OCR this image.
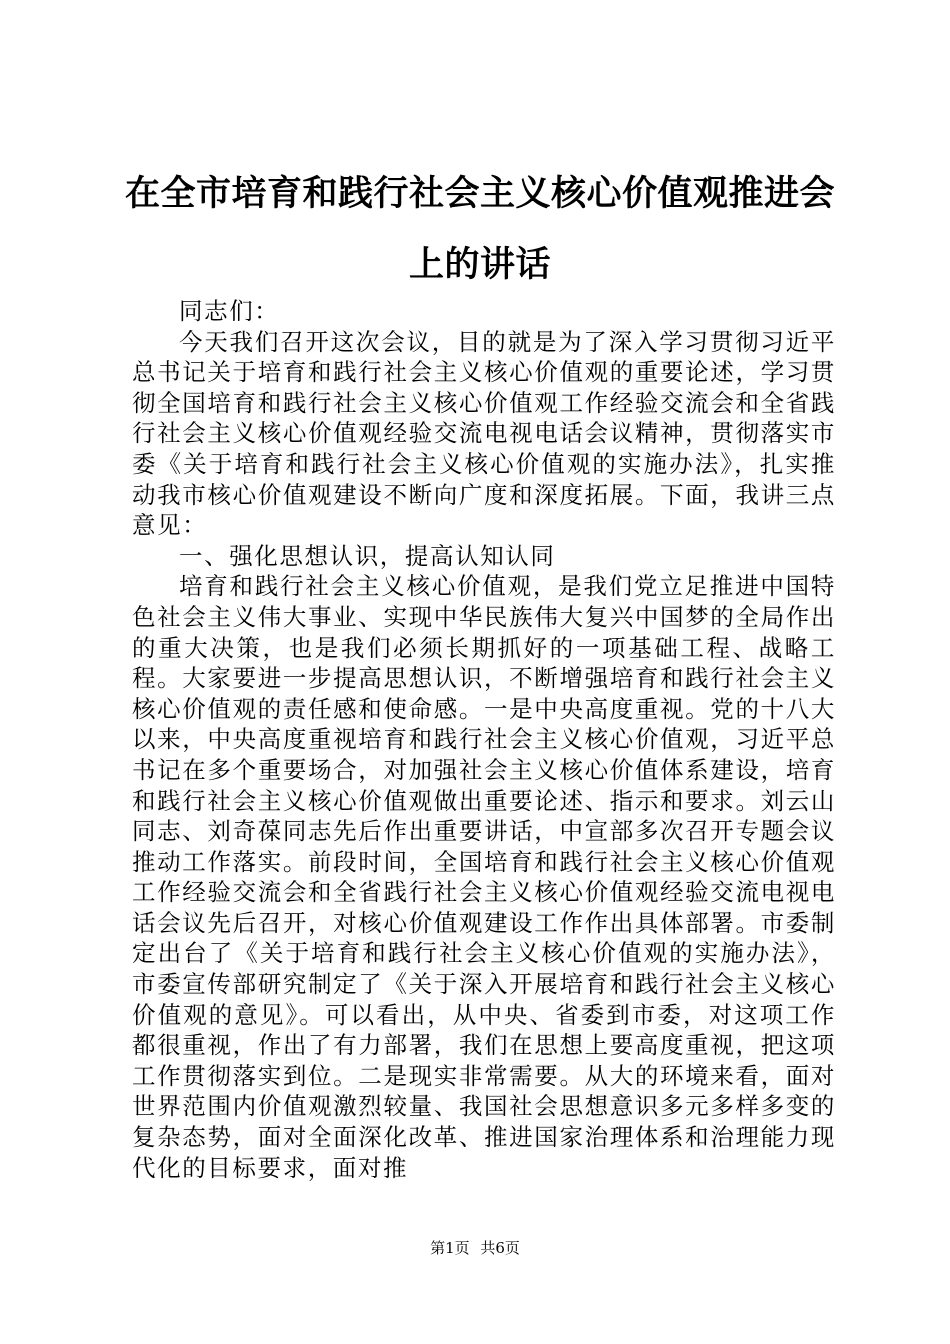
在全市培育和践行社会主义核心价值观推进会
上的讲话

同志们：

今天我们召开这次会议，目的就是为了深入学习贯彻习近平总书记关于培育和践行社会主义核心价值观的重要论述，学习贯彻全国培育和践行社会主义核心价值观工作经验交流会和全省践行社会主义核心价值观经验交流电视电话会议精神，贯彻落实市委《关于培育和践行社会主义核心价值观的实施办法》，扎实推动我市核心价值观建设不断向广度和深度拓展。下面，我讲三点意见：

一、强化思想认识，提高认知认同

培育和践行社会主义核心价值观，是我们党立足推进中国特色社会主义伟大事业、实现中华民族伟大复兴中国梦的全局作出的重大决策，也是我们必须长期抓好的一项基础工程、战略工程。大家要进一步提高思想认识，不断增强培育和践行社会主义核心价值观的责任感和使命感。一是中央高度重视。党的十八大以来，中央高度重视培育和践行社会主义核心价值观，习近平总书记在多个重要场合，对加强社会主义核心价值体系建设，培育和践行社会主义核心价值观做出重要论述、指示和要求。刘云山同志、刘奇葆同志先后作出重要讲话，中宣部多次召开专题会议推动工作落实。前段时间，全国培育和践行社会主义核心价值观工作经验交流会和全省践行社会主义核心价值观经验交流电视电话会议先后召开，对核心价值观建设工作作出具体部署。市委制定出台了《关于培育和践行社会主义核心价值观的实施办法》，市委宣传部研究制定了《关于深入开展培育和践行社会主义核心价值观的意见》。可以看出，从中央、省委到市委，对这项工作都很重视，作出了有力部署，我们在思想上要高度重视，把这项工作贯彻落实到位。二是现实非常需要。从大的环境来看，面对世界范围内价值观激烈较量、我国社会思想意识多元多样多变的复杂态势，面对全面深化改革、推进国家治理体系和治理能力现代化的目标要求，面对推

第1页 共6页
